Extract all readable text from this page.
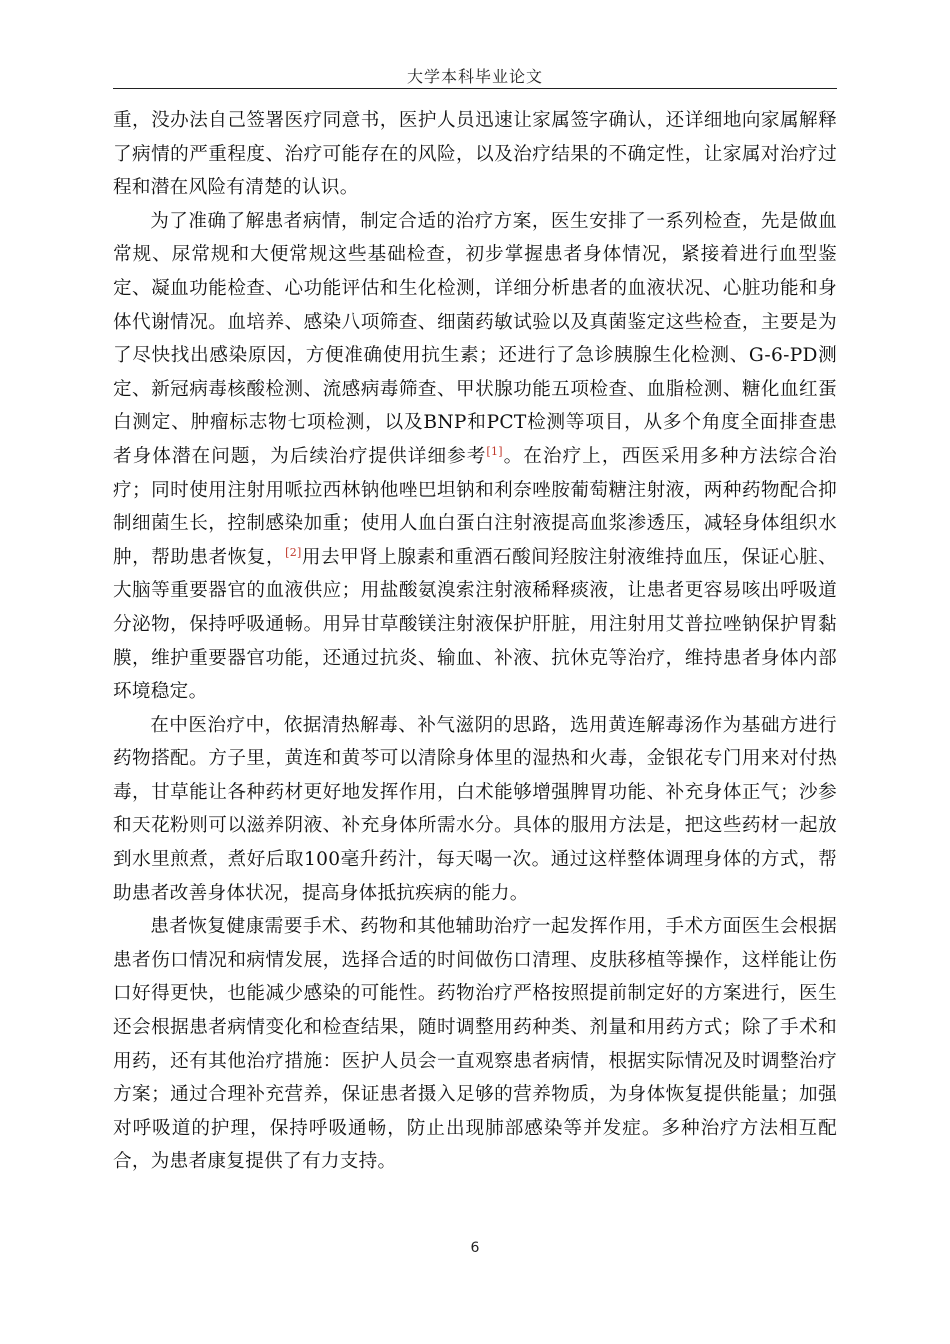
大学本科毕业论文

重，没办法自己签署医疗同意书，医护人员迅速让家属签字确认，还详细地向家属解释了病情的严重程度、治疗可能存在的风险，以及治疗结果的不确定性，让家属对治疗过程和潜在风险有清楚的认识。

为了准确了解患者病情，制定合适的治疗方案，医生安排了一系列检查，先是做血常规、尿常规和大便常规这些基础检查，初步掌握患者身体情况，紧接着进行血型鉴定、凝血功能检查、心功能评估和生化检测，详细分析患者的血液状况、心脏功能和身体代谢情况。血培养、感染八项筛查、细菌药敏试验以及真菌鉴定这些检查，主要是为了尽快找出感染原因，方便准确使用抗生素；还进行了急诊胰腺生化检测、G-6-PD测定、新冠病毒核酸检测、流感病毒筛查、甲状腺功能五项检查、血脂检测、糖化血红蛋白测定、肿瘤标志物七项检测，以及BNP和PCT检测等项目，从多个角度全面排查患者身体潜在问题，为后续治疗提供详细参考[1]。在治疗上，西医采用多种方法综合治疗；同时使用注射用哌拉西林钠他唑巴坦钠和利奈唑胺葡萄糖注射液，两种药物配合抑制细菌生长，控制感染加重；使用人血白蛋白注射液提高血浆渗透压，减轻身体组织水肿，帮助患者恢复，[2]用去甲肾上腺素和重酒石酸间羟胺注射液维持血压，保证心脏、大脑等重要器官的血液供应；用盐酸氨溴索注射液稀释痰液，让患者更容易咳出呼吸道分泌物，保持呼吸通畅。用异甘草酸镁注射液保护肝脏，用注射用艾普拉唑钠保护胃黏膜，维护重要器官功能，还通过抗炎、输血、补液、抗休克等治疗，维持患者身体内部环境稳定。

在中医治疗中，依据清热解毒、补气滋阴的思路，选用黄连解毒汤作为基础方进行药物搭配。方子里，黄连和黄芩可以清除身体里的湿热和火毒，金银花专门用来对付热毒，甘草能让各种药材更好地发挥作用，白术能够增强脾胃功能、补充身体正气；沙参和天花粉则可以滋养阴液、补充身体所需水分。具体的服用方法是，把这些药材一起放到水里煎煮，煮好后取100毫升药汁，每天喝一次。通过这样整体调理身体的方式，帮助患者改善身体状况，提高身体抵抗疾病的能力。

患者恢复健康需要手术、药物和其他辅助治疗一起发挥作用，手术方面医生会根据患者伤口情况和病情发展，选择合适的时间做伤口清理、皮肤移植等操作，这样能让伤口好得更快，也能减少感染的可能性。药物治疗严格按照提前制定好的方案进行，医生还会根据患者病情变化和检查结果，随时调整用药种类、剂量和用药方式；除了手术和用药，还有其他治疗措施：医护人员会一直观察患者病情，根据实际情况及时调整治疗方案；通过合理补充营养，保证患者摄入足够的营养物质，为身体恢复提供能量；加强对呼吸道的护理，保持呼吸通畅，防止出现肺部感染等并发症。多种治疗方法相互配合，为患者康复提供了有力支持。

6
